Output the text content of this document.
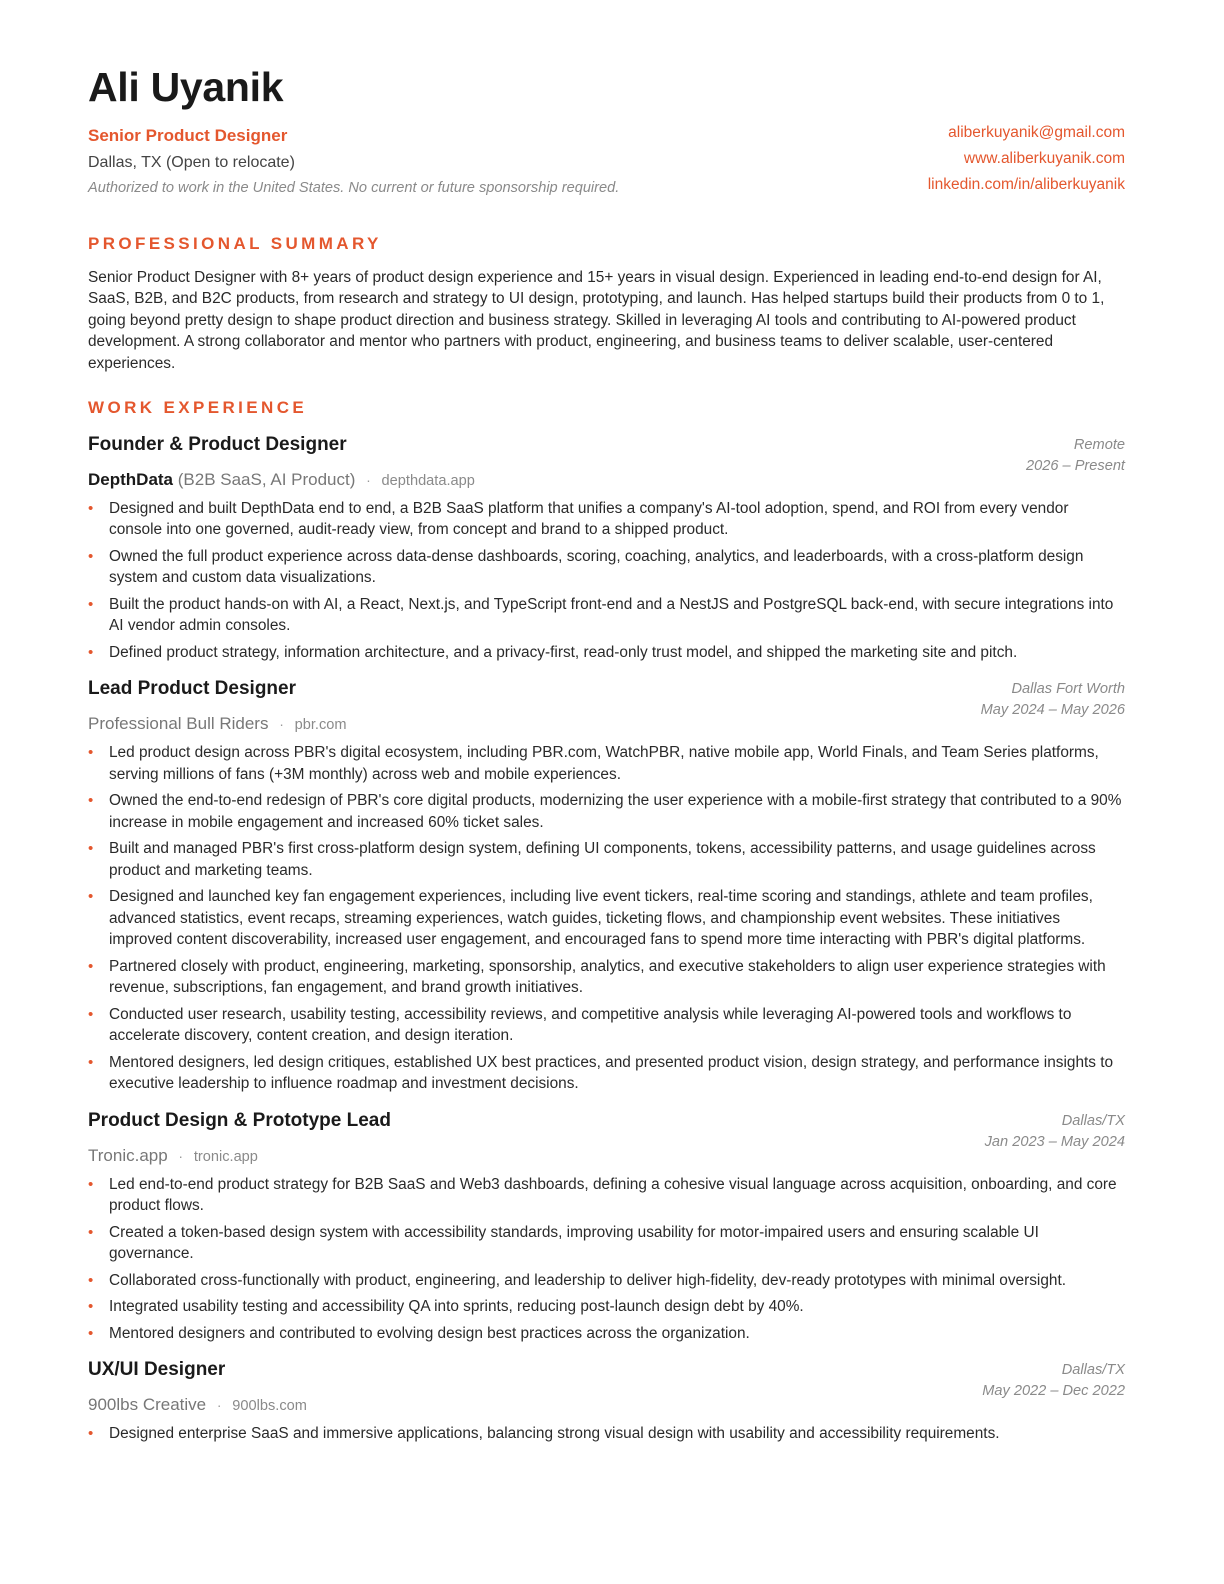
Ali Uyanik
Senior Product Designer
Dallas, TX (Open to relocate)
Authorized to work in the United States. No current or future sponsorship required.
aliberkuyanik@gmail.com
www.aliberkuyanik.com
linkedin.com/in/aliberkuyanik
PROFESSIONAL SUMMARY
Senior Product Designer with 8+ years of product design experience and 15+ years in visual design. Experienced in leading end-to-end design for AI, SaaS, B2B, and B2C products, from research and strategy to UI design, prototyping, and launch. Has helped startups build their products from 0 to 1, going beyond pretty design to shape product direction and business strategy. Skilled in leveraging AI tools and contributing to AI-powered product development. A strong collaborator and mentor who partners with product, engineering, and business teams to deliver scalable, user-centered experiences.
WORK EXPERIENCE
Founder & Product Designer	Remote
2026 – Present
DepthData (B2B SaaS, AI Product) · depthdata.app
• Designed and built DepthData end to end, a B2B SaaS platform that unifies a company's AI-tool adoption, spend, and ROI from every vendor console into one governed, audit-ready view, from concept and brand to a shipped product.
• Owned the full product experience across data-dense dashboards, scoring, coaching, analytics, and leaderboards, with a cross-platform design system and custom data visualizations.
• Built the product hands-on with AI, a React, Next.js, and TypeScript front-end and a NestJS and PostgreSQL back-end, with secure integrations into AI vendor admin consoles.
• Defined product strategy, information architecture, and a privacy-first, read-only trust model, and shipped the marketing site and pitch.
Lead Product Designer	Dallas Fort Worth
May 2024 – May 2026
Professional Bull Riders · pbr.com
• Led product design across PBR's digital ecosystem, including PBR.com, WatchPBR, native mobile app, World Finals, and Team Series platforms, serving millions of fans (+3M monthly) across web and mobile experiences.
• Owned the end-to-end redesign of PBR's core digital products, modernizing the user experience with a mobile-first strategy that contributed to a 90% increase in mobile engagement and increased 60% ticket sales.
• Built and managed PBR's first cross-platform design system, defining UI components, tokens, accessibility patterns, and usage guidelines across product and marketing teams.
• Designed and launched key fan engagement experiences, including live event tickers, real-time scoring and standings, athlete and team profiles, advanced statistics, event recaps, streaming experiences, watch guides, ticketing flows, and championship event websites. These initiatives improved content discoverability, increased user engagement, and encouraged fans to spend more time interacting with PBR's digital platforms.
• Partnered closely with product, engineering, marketing, sponsorship, analytics, and executive stakeholders to align user experience strategies with revenue, subscriptions, fan engagement, and brand growth initiatives.
• Conducted user research, usability testing, accessibility reviews, and competitive analysis while leveraging AI-powered tools and workflows to accelerate discovery, content creation, and design iteration.
• Mentored designers, led design critiques, established UX best practices, and presented product vision, design strategy, and performance insights to executive leadership to influence roadmap and investment decisions.
Product Design & Prototype Lead	Dallas/TX
Jan 2023 – May 2024
Tronic.app · tronic.app
• Led end-to-end product strategy for B2B SaaS and Web3 dashboards, defining a cohesive visual language across acquisition, onboarding, and core product flows.
• Created a token-based design system with accessibility standards, improving usability for motor-impaired users and ensuring scalable UI governance.
• Collaborated cross-functionally with product, engineering, and leadership to deliver high-fidelity, dev-ready prototypes with minimal oversight.
• Integrated usability testing and accessibility QA into sprints, reducing post-launch design debt by 40%.
• Mentored designers and contributed to evolving design best practices across the organization.
UX/UI Designer	Dallas/TX
May 2022 – Dec 2022
900lbs Creative · 900lbs.com
• Designed enterprise SaaS and immersive applications, balancing strong visual design with usability and accessibility requirements.
